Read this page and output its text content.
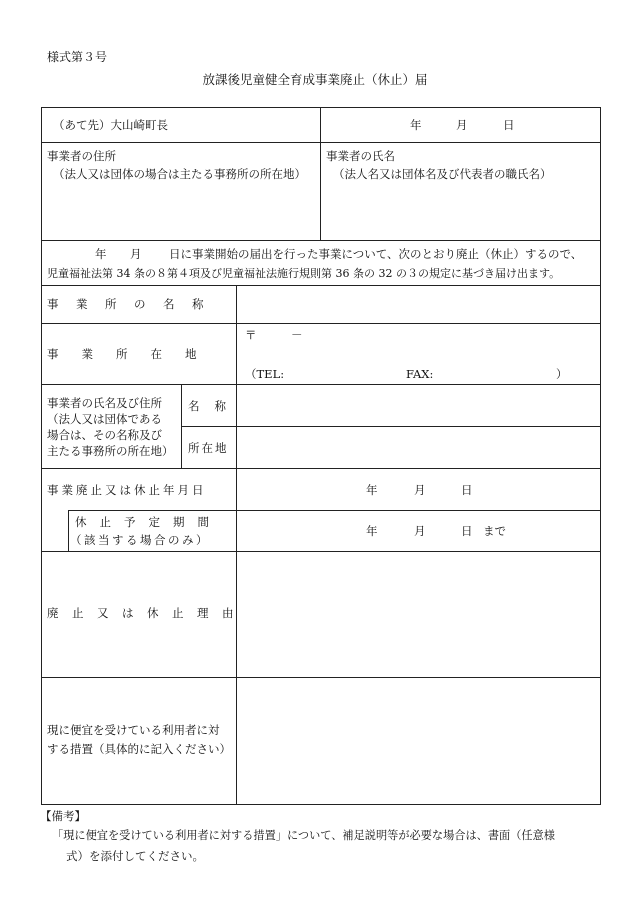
様式第３号
放課後児童健全育成事業廃止（休止）届
（あて先）大山崎町長	年	月	日
事業者の住所
（法人又は団体の場合は主たる事務所の所在地）
事業者の氏名
（法人名又は団体名及び代表者の職氏名）
年 月 日に事業開始の届出を行った事業について、次のとおり廃止（休止）するので、
児童福祉法第 34 条の８第４項及び児童福祉法施行規則第 36 条の 32 の３の規定に基づき届け出ます。
事業所の名称
事業所在地
〒	－
（TEL:	FAX:	）
事業者の氏名及び住所
（法人又は団体である
場合は、その名称及び
主たる事務所の所在地）
名称
所在地
事業廃止又は休止年月日	年	月	日
休止予定期間
（該当する場合のみ）
年	月	日 まで
廃止又は休止理由
現に便宜を受けている利用者に対
する措置（具体的に記入ください）
【備考】
「現に便宜を受けている利用者に対する措置」について、補足説明等が必要な場合は、書面（任意様
式）を添付してください。
